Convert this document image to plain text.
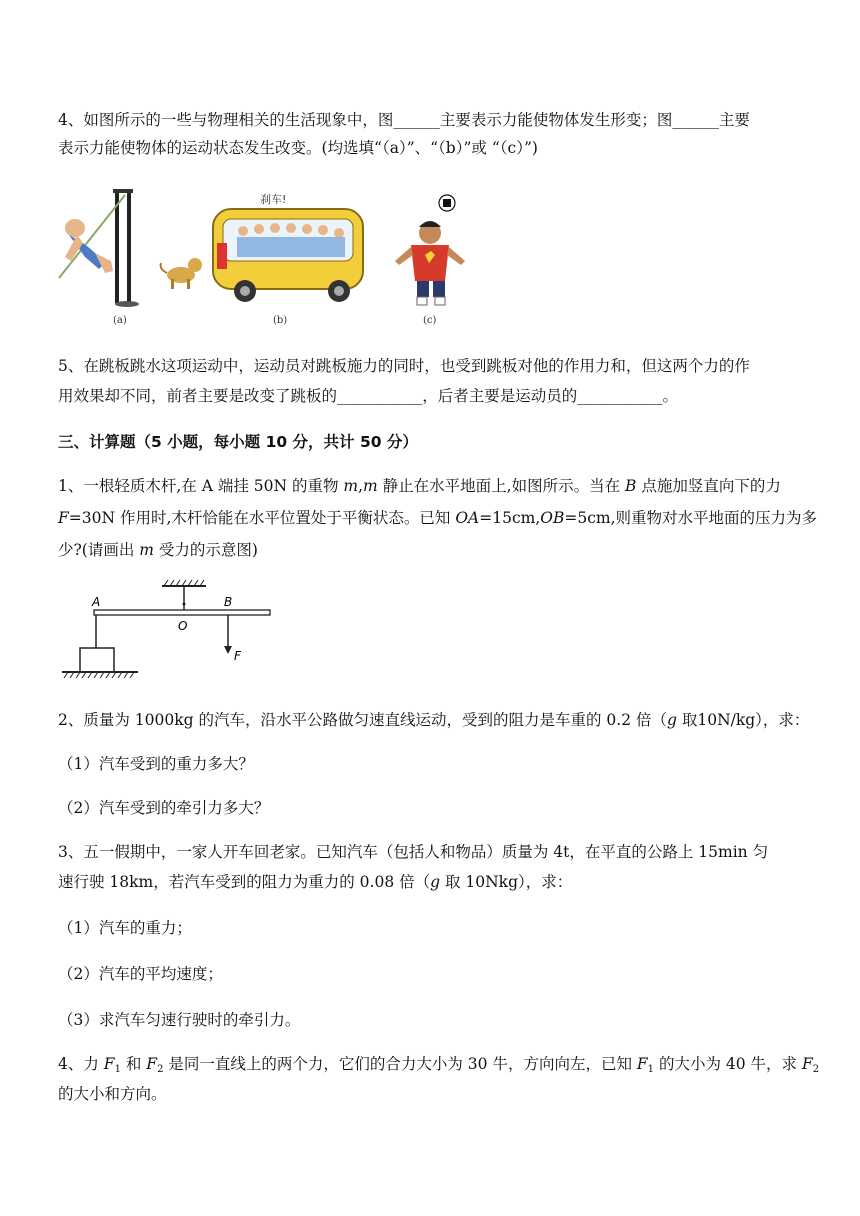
4、如图所示的一些与物理相关的生活现象中，图______主要表示力能使物体发生形变；图______主要
表示力能使物体的运动状态发生改变。(均选填“（a）”、“（b）”或 “（c）”)
(a)
刹车!
(b)	(c)
5、在跳板跳水这项运动中，运动员对跳板施力的同时，也受到跳板对他的作用力和，但这两个力的作
用效果却不同，前者主要是改变了跳板的___________，后者主要是运动员的___________。
三、计算题（5 小题，每小题 10 分，共计 50 分）
1、一根轻质木杆,在 A 端挂 50N 的重物 m,m 静止在水平地面上,如图所示。当在 B 点施加竖直向下的力
F=30N 作用时,木杆恰能在水平位置处于平衡状态。已知 OA=15cm,OB=5cm,则重物对水平地面的压力为多
少?(请画出 m 受力的示意图)
A
O
B
F
2、质量为 1000kg 的汽车，沿水平公路做匀速直线运动，受到的阻力是车重的 0.2 倍（g 取10N/kg），求：
（1）汽车受到的重力多大？
（2）汽车受到的牵引力多大？
3、五一假期中，一家人开车回老家。已知汽车（包括人和物品）质量为 4t，在平直的公路上 15min 匀
速行驶 18km，若汽车受到的阻力为重力的 0.08 倍（g 取 10Nkg），求：
（1）汽车的重力；
（2）汽车的平均速度；
（3）求汽车匀速行驶时的牵引力。
4、力 $F_1$ 和 $F_2$ 是同一直线上的两个力，它们的合力大小为 30 牛，方向向左，已知 $F_1$ 的大小为 40 牛，求 $F_2$
的大小和方向。
